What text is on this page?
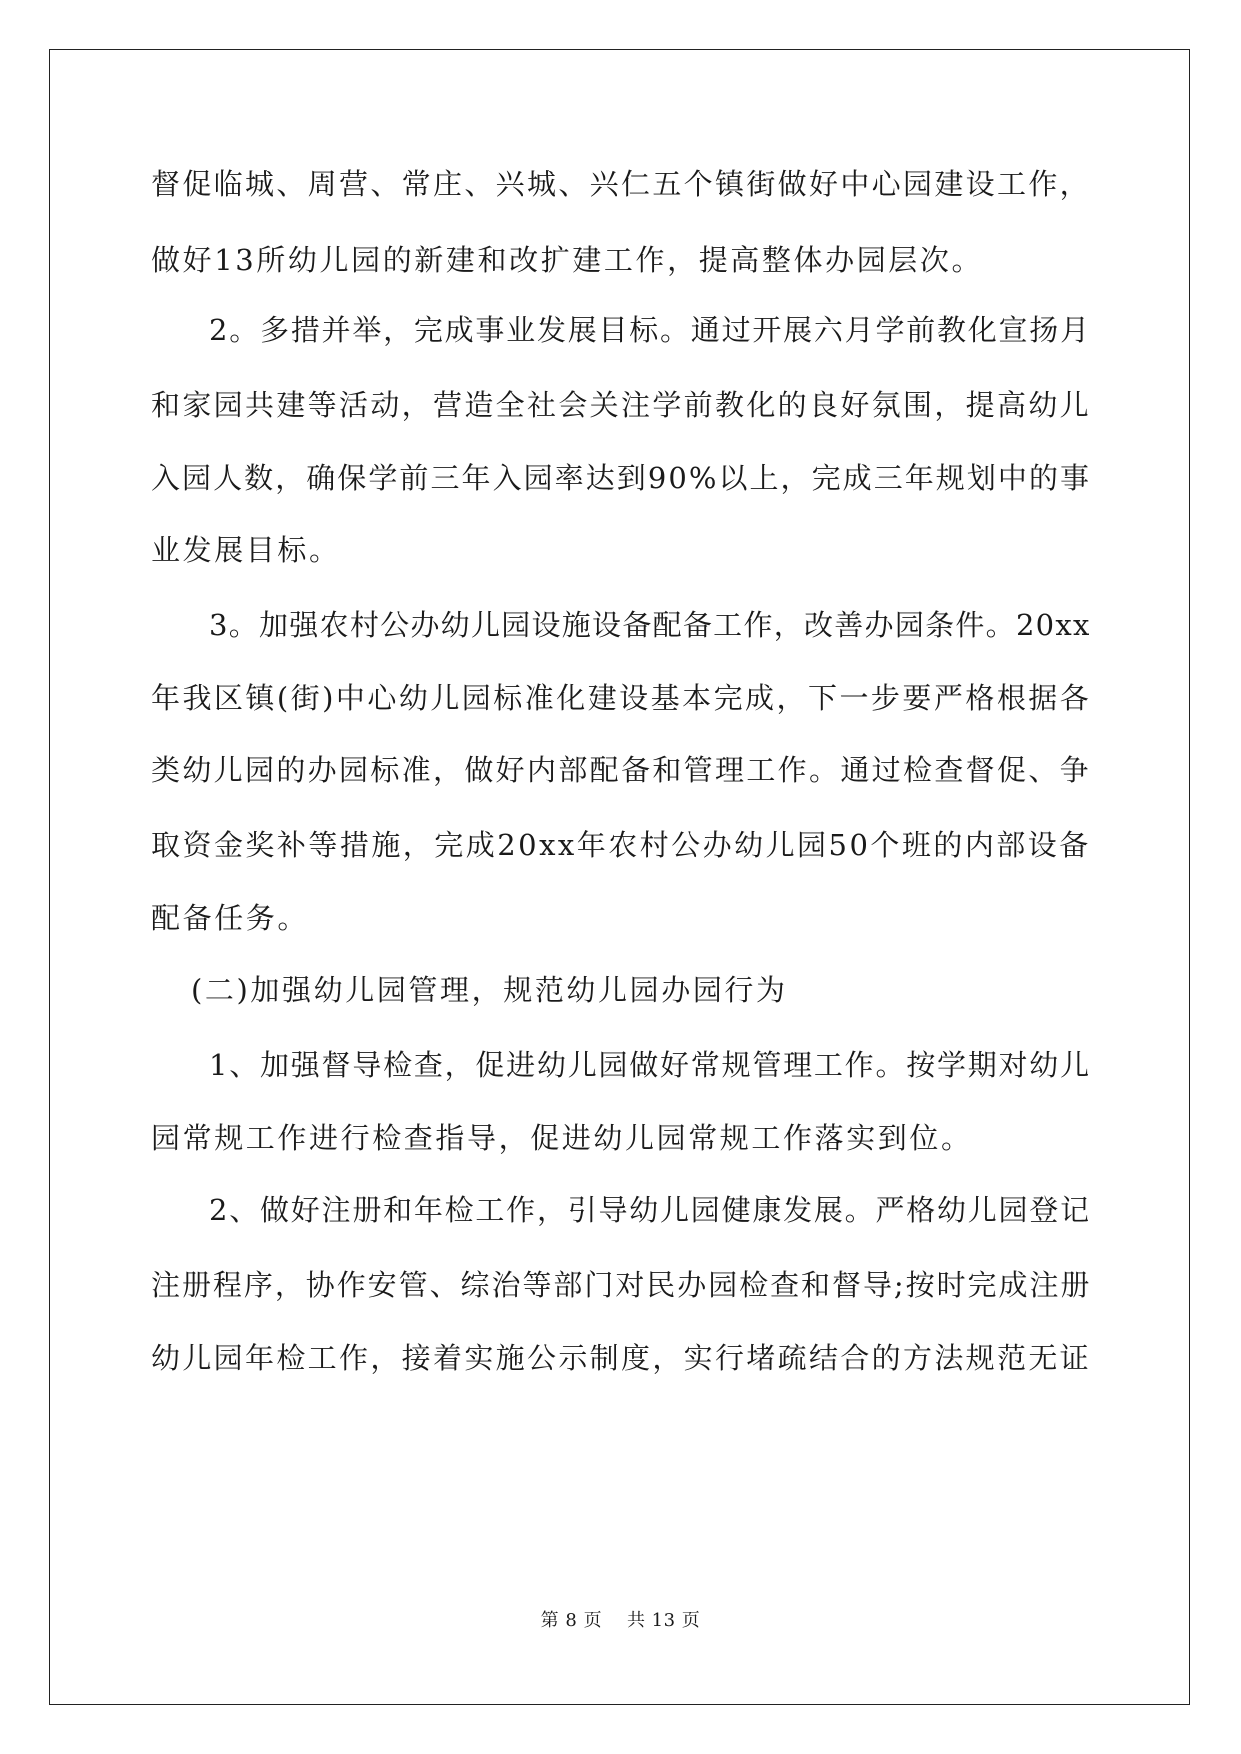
督促临城、周营、常庄、兴城、兴仁五个镇街做好中心园建设工作，
做好13所幼儿园的新建和改扩建工作，提高整体办园层次。
2。多措并举，完成事业发展目标。通过开展六月学前教化宣扬月
和家园共建等活动，营造全社会关注学前教化的良好氛围，提高幼儿
入园人数，确保学前三年入园率达到90%以上，完成三年规划中的事
业发展目标。
3。加强农村公办幼儿园设施设备配备工作，改善办园条件。20xx
年我区镇(街)中心幼儿园标准化建设基本完成，下一步要严格根据各
类幼儿园的办园标准，做好内部配备和管理工作。通过检查督促、争
取资金奖补等措施，完成20xx年农村公办幼儿园50个班的内部设备
配备任务。
(二)加强幼儿园管理，规范幼儿园办园行为
1、加强督导检查，促进幼儿园做好常规管理工作。按学期对幼儿
园常规工作进行检查指导，促进幼儿园常规工作落实到位。
2、做好注册和年检工作，引导幼儿园健康发展。严格幼儿园登记
注册程序，协作安管、综治等部门对民办园检查和督导;按时完成注册
幼儿园年检工作，接着实施公示制度，实行堵疏结合的方法规范无证
第 8 页    共 13 页
